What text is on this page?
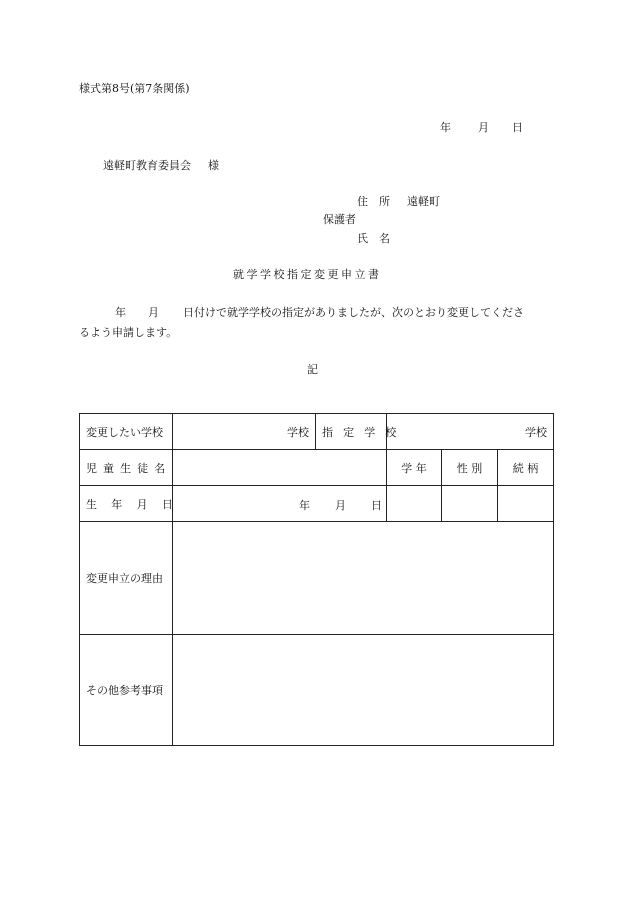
様式第8号(第7条関係)
年 月 日
遠軽町教育委員会 様
住　所 遠軽町
保護者
氏　名
就学学校指定変更申立書
年 月 日付けで就学学校の指定がありましたが、次のとおり変更してくださ
るよう申請します。
記
変更したい学校	学校	指 定 学 校	学校		
児童生徒名			学 年	性 別	続 柄
生年月日	年 月 日				

変更申立の理由					
その他参考事項					
